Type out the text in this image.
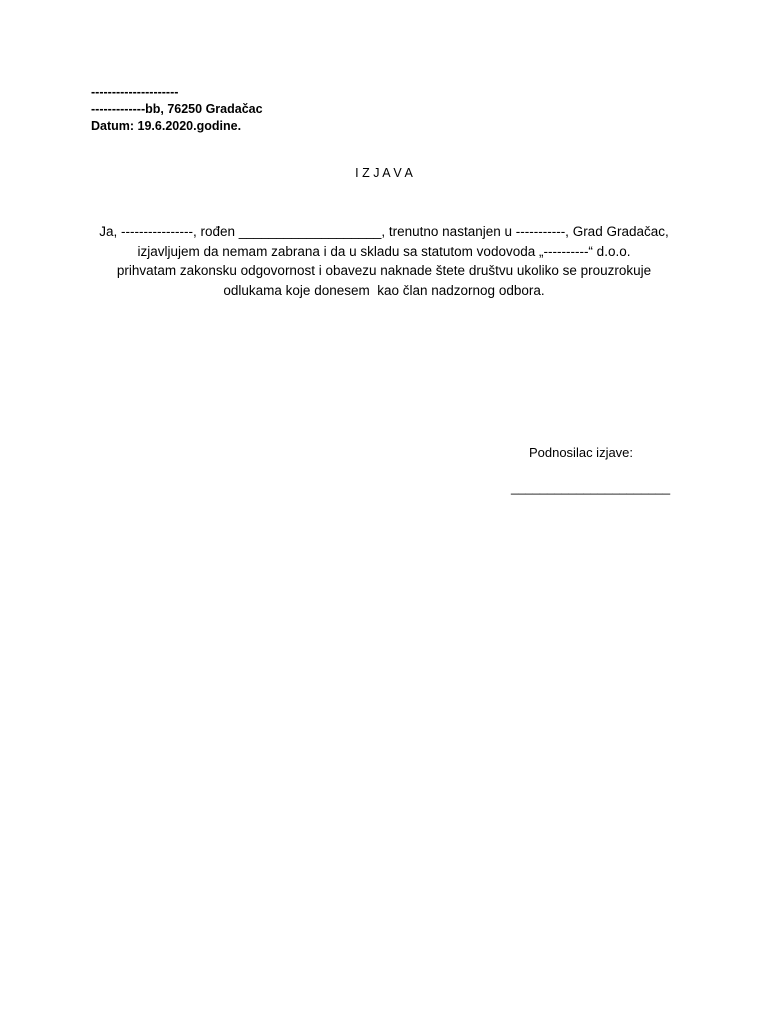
---------------------
-------------bb, 76250 Gradačac
Datum: 19.6.2020.godine.
I Z J A V A
Ja, ----------------, rođen ___________________, trenutno nastanjen u -----------, Grad Gradačac,
izjavljujem da nemam zabrana i da u skladu sa statutom vodovoda „----------“ d.o.o.
prihvatam zakonsku odgovornost i obavezu naknade štete društvu ukoliko se prouzrokuje
odlukama koje donesem  kao član nadzornog odbora.
Podnosilac izjave:
______________________
